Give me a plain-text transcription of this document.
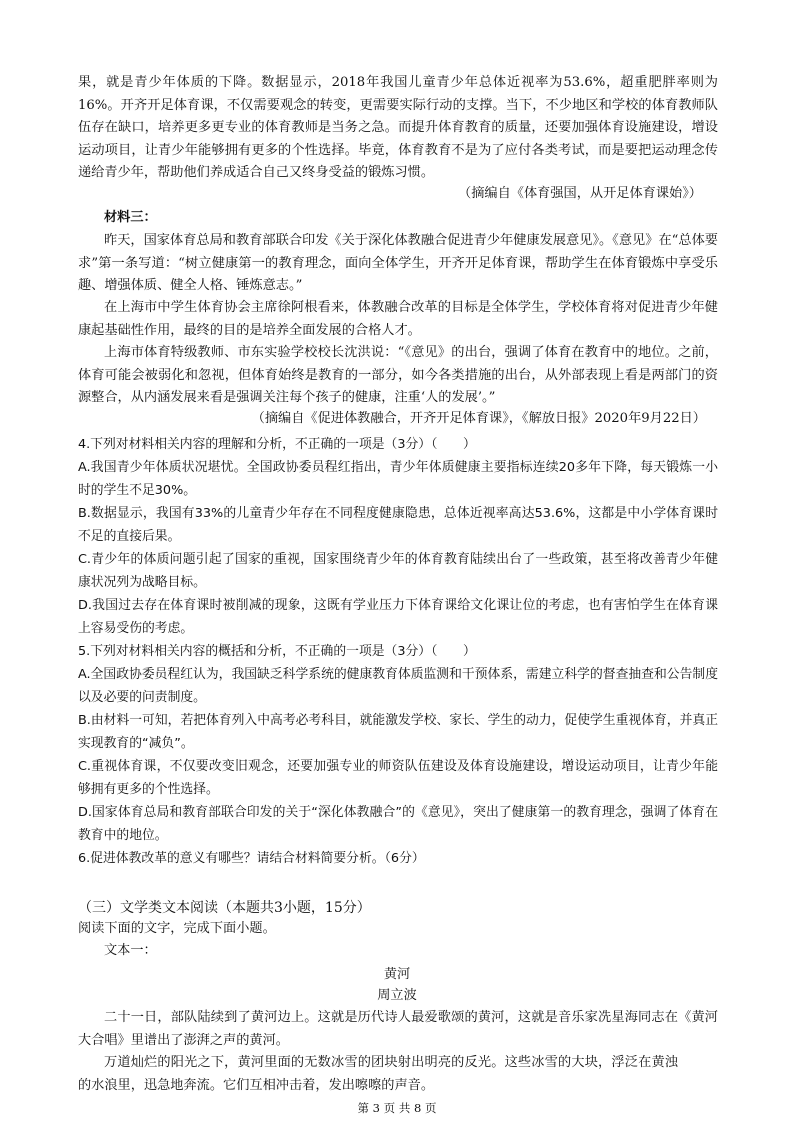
果，就是青少年体质的下降。数据显示，2018年我国儿童青少年总体近视率为53.6%，超重肥胖率则为16%。开齐开足体育课，不仅需要观念的转变，更需要实际行动的支撑。当下，不少地区和学校的体育教师队伍存在缺口，培养更多更专业的体育教师是当务之急。而提升体育教育的质量，还要加强体育设施建设，增设运动项目，让青少年能够拥有更多的个性选择。毕竟，体育教育不是为了应付各类考试，而是要把运动理念传递给青少年，帮助他们养成适合自己又终身受益的锻炼习惯。

（摘编自《体育强国，从开足体育课始》）

材料三：

昨天，国家体育总局和教育部联合印发《关于深化体教融合促进青少年健康发展意见》。《意见》在“总体要求”第一条写道：“树立健康第一的教育理念，面向全体学生，开齐开足体育课，帮助学生在体育锻炼中享受乐趣、增强体质、健全人格、锤炼意志。”

在上海市中学生体育协会主席徐阿根看来，体教融合改革的目标是全体学生，学校体育将对促进青少年健康起基础性作用，最终的目的是培养全面发展的合格人才。

上海市体育特级教师、市东实验学校校长沈洪说：“《意见》的出台，强调了体育在教育中的地位。之前，体育可能会被弱化和忽视，但体育始终是教育的一部分，如今各类措施的出台，从外部表现上看是两部门的资源整合，从内涵发展来看是强调关注每个孩子的健康，注重‘人的发展’。”

（摘编自《促进体教融合，开齐开足体育课》，《解放日报》2020年9月22日）

4.下列对材料相关内容的理解和分析，不正确的一项是（3分）（　　）

A.我国青少年体质状况堪忧。全国政协委员程红指出，青少年体质健康主要指标连续20多年下降，每天锻炼一小时的学生不足30%。

B.数据显示，我国有33%的儿童青少年存在不同程度健康隐患，总体近视率高达53.6%，这都是中小学体育课时不足的直接后果。

C.青少年的体质问题引起了国家的重视，国家围绕青少年的体育教育陆续出台了一些政策，甚至将改善青少年健康状况列为战略目标。

D.我国过去存在体育课时被削减的现象，这既有学业压力下体育课给文化课让位的考虑，也有害怕学生在体育课上容易受伤的考虑。

5.下列对材料相关内容的概括和分析，不正确的一项是（3分）（　　）

A.全国政协委员程红认为，我国缺乏科学系统的健康教育体质监测和干预体系，需建立科学的督查抽查和公告制度以及必要的问责制度。

B.由材料一可知，若把体育列入中高考必考科目，就能激发学校、家长、学生的动力，促使学生重视体育，并真正实现教育的“减负”。

C.重视体育课，不仅要改变旧观念，还要加强专业的师资队伍建设及体育设施建设，增设运动项目，让青少年能够拥有更多的个性选择。

D.国家体育总局和教育部联合印发的关于“深化体教融合”的《意见》，突出了健康第一的教育理念，强调了体育在教育中的地位。

6.促进体教改革的意义有哪些？请结合材料简要分析。（6分）

（三）文学类文本阅读（本题共3小题，15分）

阅读下面的文字，完成下面小题。

文本一：

黄河

周立波

二十一日，部队陆续到了黄河边上。这就是历代诗人最爱歌颂的黄河，这就是音乐家冼星海同志在《黄河大合唱》里谱出了澎湃之声的黄河。

万道灿烂的阳光之下，黄河里面的无数冰雪的团块射出明亮的反光。这些冰雪的大块，浮泛在黄浊的水浪里，迅急地奔流。它们互相冲击着，发出嚓嚓的声音。

第 3 页 共 8 页
